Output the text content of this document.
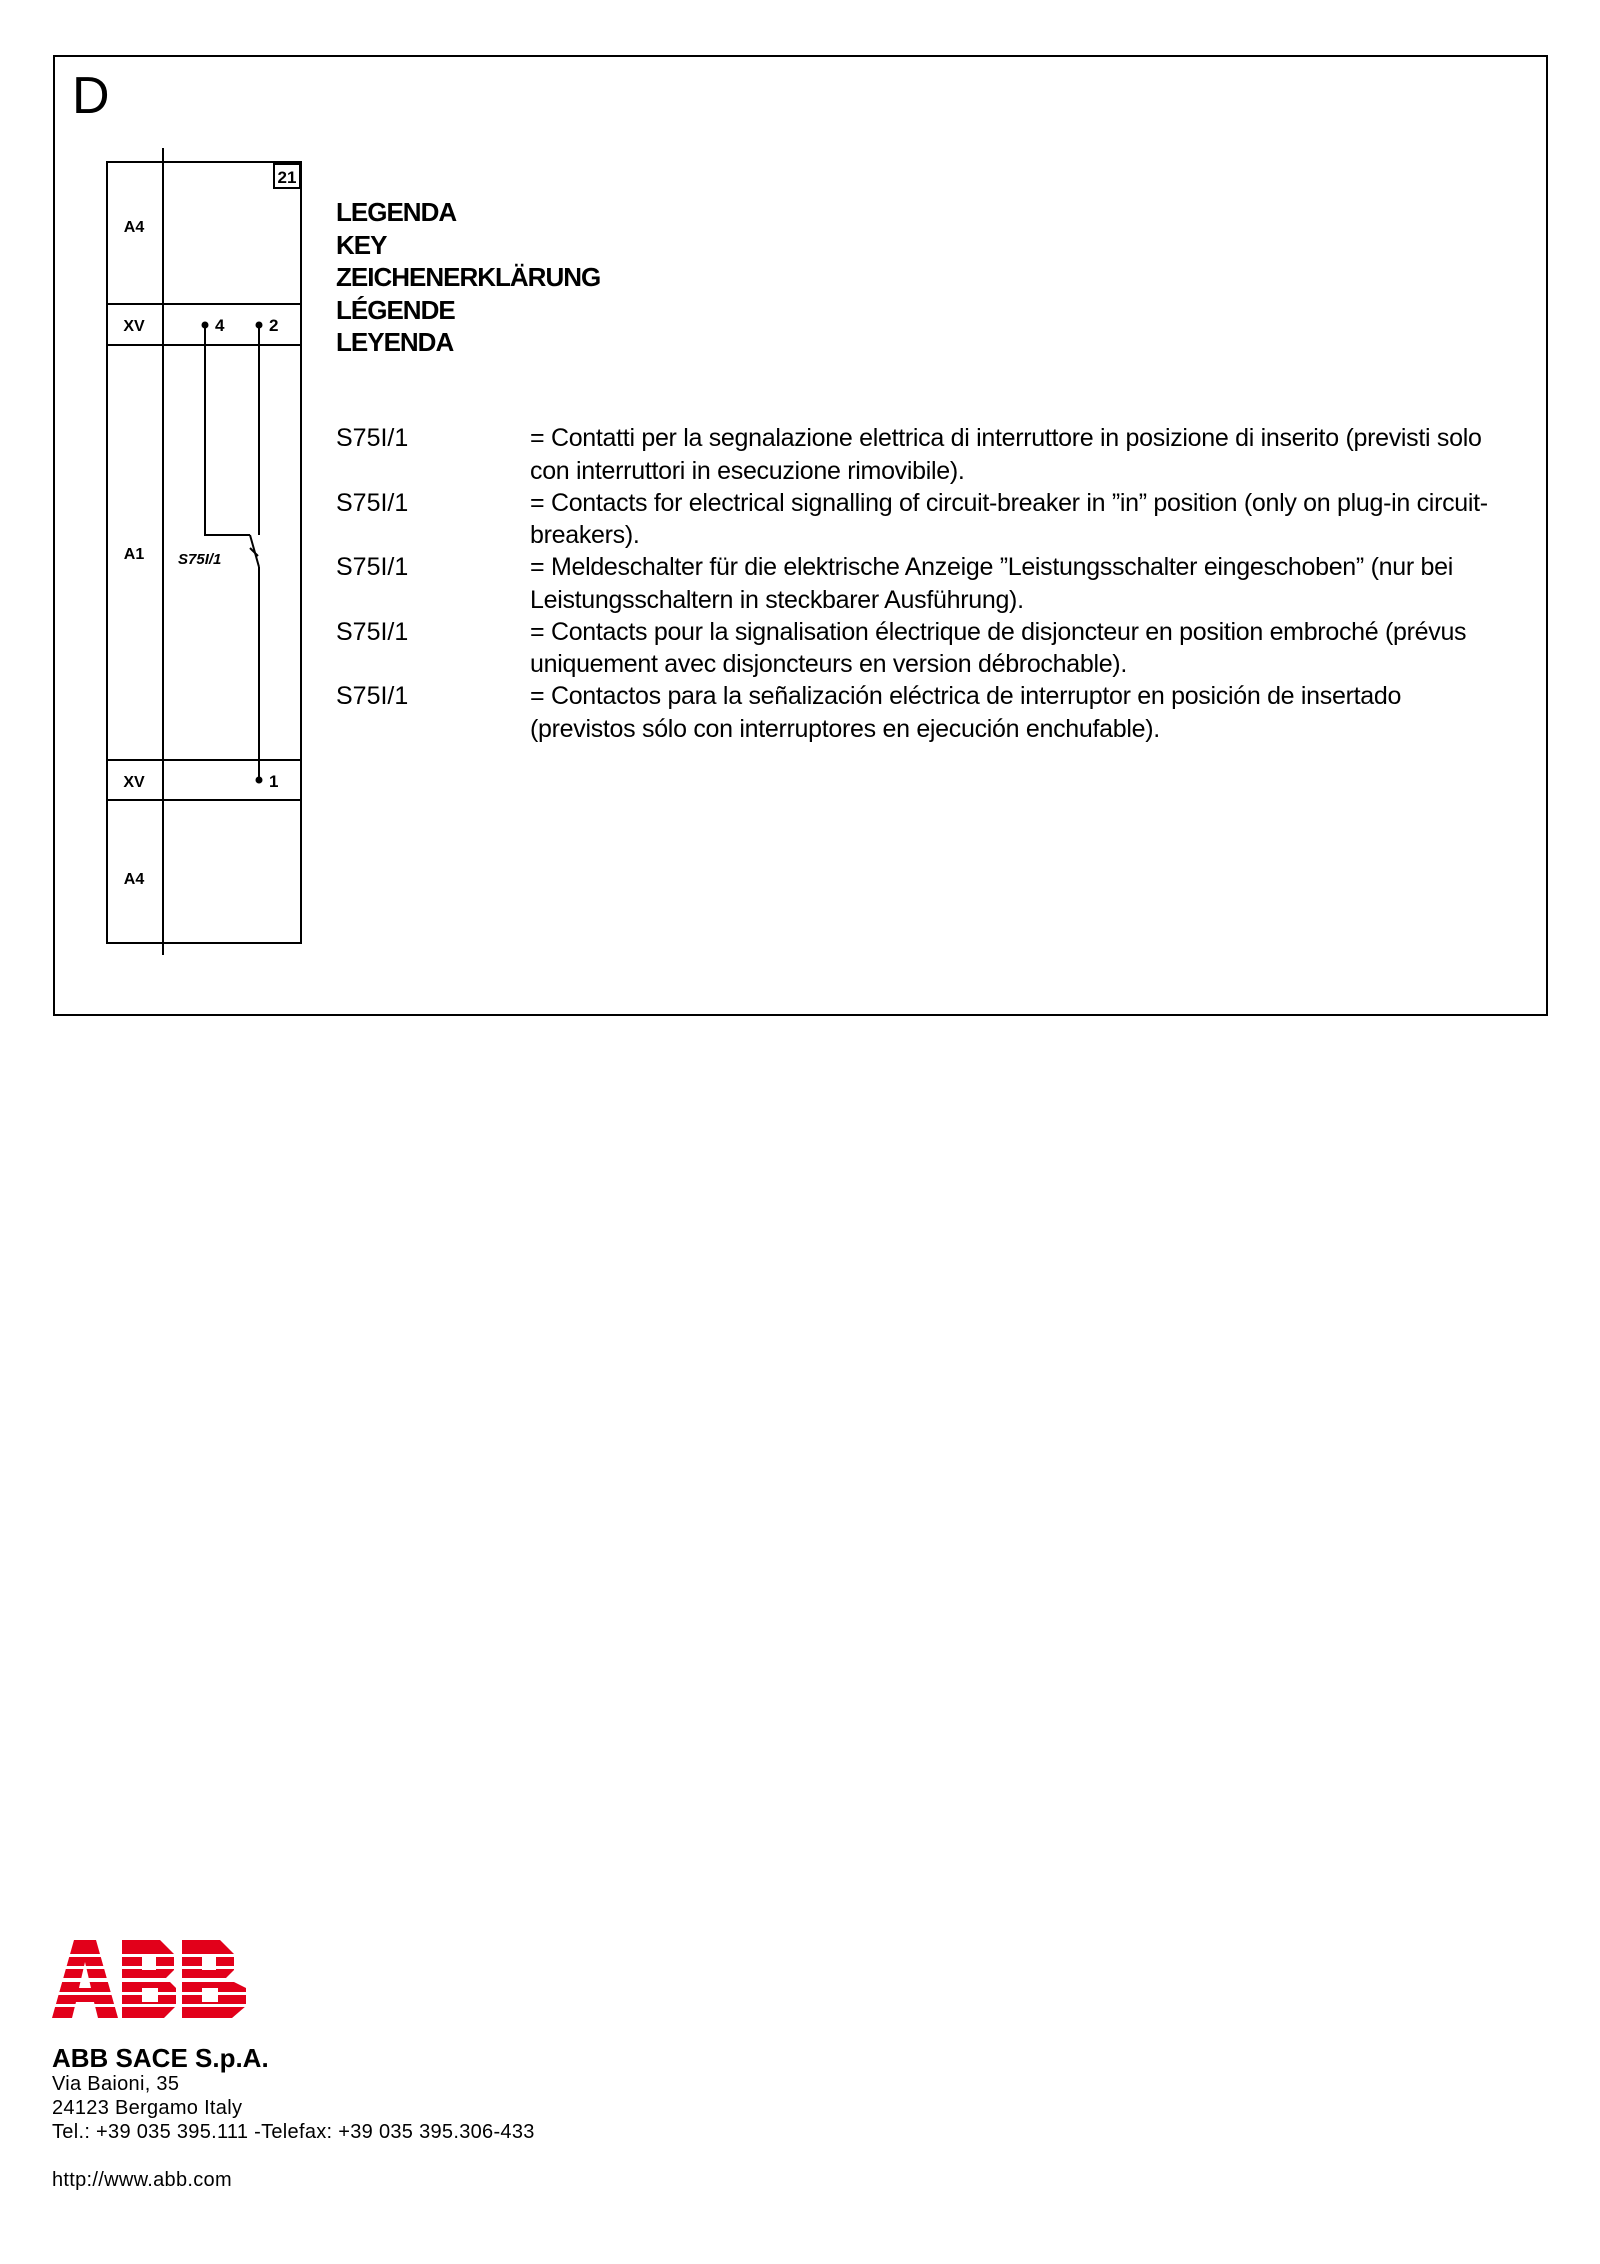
D
21
A4
XV
A1
XV
A4
4	2
1
S75I/1
LEGENDA
KEY
ZEICHENERKLÄRUNG
LÉGENDE
LEYENDA
S75I/1	= Contatti per la segnalazione elettrica di interruttore in posizione di inserito (previsti solo con interruttori in esecuzione rimovibile).
S75I/1	= Contacts for electrical signalling of circuit-breaker in ”in” position (only on plug-in circuit-breakers).
S75I/1	= Meldeschalter für die elektrische Anzeige ”Leistungsschalter eingeschoben” (nur bei Leistungsschaltern in steckbarer Ausführung).
S75I/1	= Contacts pour la signalisation électrique de disjoncteur en position embroché (prévus uniquement avec disjoncteurs en version débrochable).
S75I/1	= Contactos para la señalización eléctrica de interruptor en posición de insertado (previstos sólo con interruptores en ejecución enchufable).
ABB SACE S.p.A.
Via Baioni, 35
24123 Bergamo Italy
Tel.: +39 035 395.111 -Telefax: +39 035 395.306-433
http://www.abb.com
